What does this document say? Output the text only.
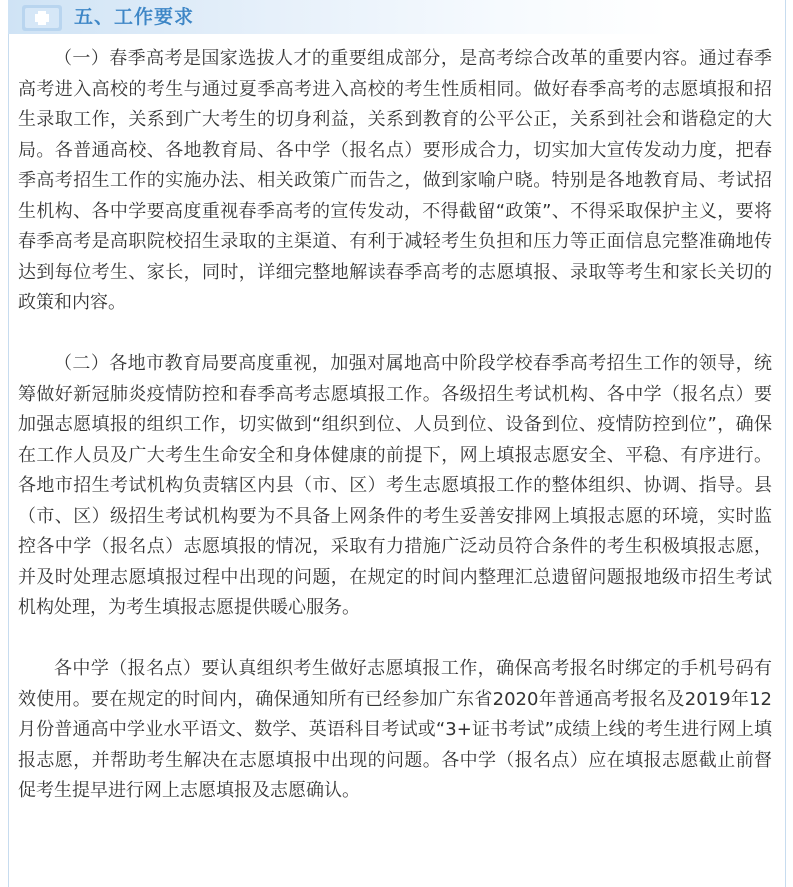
五、工作要求

（一）春季高考是国家选拔人才的重要组成部分，是高考综合改革的重要内容。通过春季高考进入高校的考生与通过夏季高考进入高校的考生性质相同。做好春季高考的志愿填报和招生录取工作，关系到广大考生的切身利益，关系到教育的公平公正，关系到社会和谐稳定的大局。各普通高校、各地教育局、各中学（报名点）要形成合力，切实加大宣传发动力度，把春季高考招生工作的实施办法、相关政策广而告之，做到家喻户晓。特别是各地教育局、考试招生机构、各中学要高度重视春季高考的宣传发动，不得截留“政策”、不得采取保护主义，要将春季高考是高职院校招生录取的主渠道、有利于减轻考生负担和压力等正面信息完整准确地传达到每位考生、家长，同时，详细完整地解读春季高考的志愿填报、录取等考生和家长关切的政策和内容。

（二）各地市教育局要高度重视，加强对属地高中阶段学校春季高考招生工作的领导，统筹做好新冠肺炎疫情防控和春季高考志愿填报工作。各级招生考试机构、各中学（报名点）要加强志愿填报的组织工作，切实做到“组织到位、人员到位、设备到位、疫情防控到位”，确保在工作人员及广大考生生命安全和身体健康的前提下，网上填报志愿安全、平稳、有序进行。各地市招生考试机构负责辖区内县（市、区）考生志愿填报工作的整体组织、协调、指导。县（市、区）级招生考试机构要为不具备上网条件的考生妥善安排网上填报志愿的环境，实时监控各中学（报名点）志愿填报的情况，采取有力措施广泛动员符合条件的考生积极填报志愿，并及时处理志愿填报过程中出现的问题，在规定的时间内整理汇总遗留问题报地级市招生考试机构处理，为考生填报志愿提供暖心服务。

各中学（报名点）要认真组织考生做好志愿填报工作，确保高考报名时绑定的手机号码有效使用。要在规定的时间内，确保通知所有已经参加广东省2020年普通高考报名及2019年12月份普通高中学业水平语文、数学、英语科目考试或“3+证书考试”成绩上线的考生进行网上填报志愿，并帮助考生解决在志愿填报中出现的问题。各中学（报名点）应在填报志愿截止前督促考生提早进行网上志愿填报及志愿确认。
